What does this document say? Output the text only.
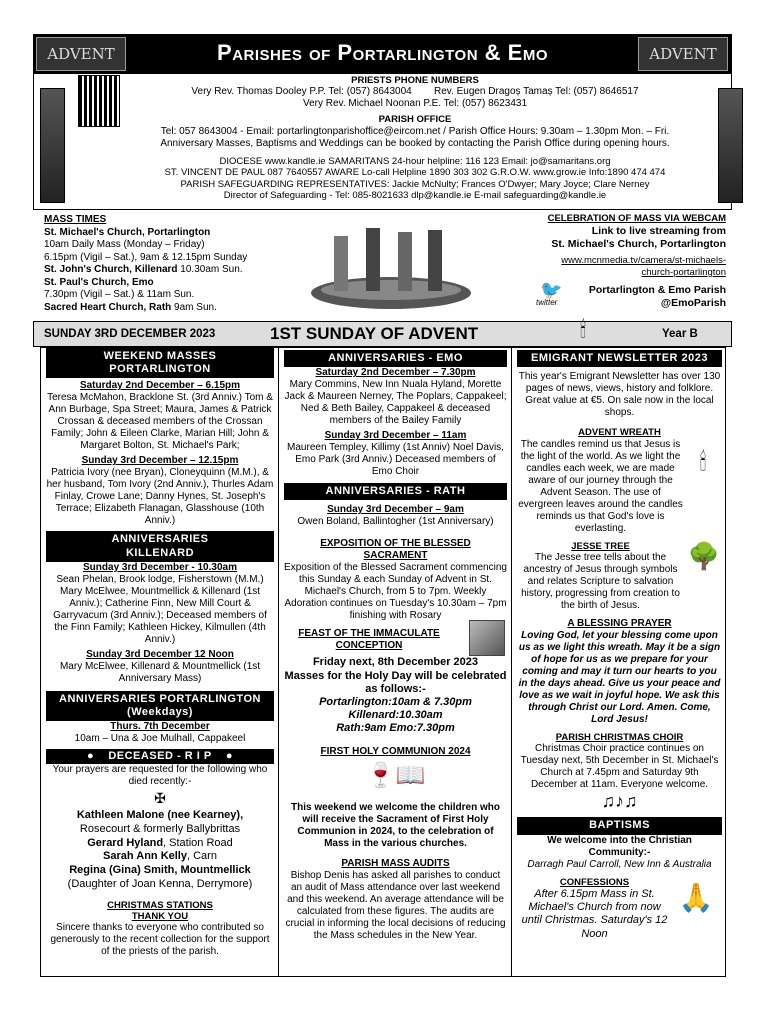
ADVENT	ADVENT
Parishes of Portarlington & Emo
PRIESTS PHONE NUMBERS
Very Rev. Thomas Dooley P.P. Tel: (057) 8643004 Rev. Eugen Dragoș Tamaș Tel: (057) 8646517
Very Rev. Michael Noonan P.E. Tel: (057) 8623431
PARISH OFFICE
Tel: 057 8643004 - Email: portarlingtonparishoffice@eircom.net / Parish Office Hours: 9.30am – 1.30pm Mon. – Fri.
Anniversary Masses, Baptisms and Weddings can be booked by contacting the Parish Office during opening hours.
DIOCESE www.kandle.ie SAMARITANS 24-hour helpline: 116 123 Email: jo@samaritans.org
ST. VINCENT DE PAUL 087 7640557 AWARE Lo-call Helpline 1890 303 302 G.R.O.W. www.grow.ie Info:1890 474 474
PARISH SAFEGUARDING REPRESENTATIVES: Jackie McNulty; Frances O'Dwyer; Mary Joyce; Clare Nerney
Director of Safeguarding - Tel: 085-8021633 dlp@kandle.ie E-mail safeguarding@kandle.ie
MASS TIMES
St. Michael's Church, Portarlington
10am Daily Mass (Monday – Friday)
6.15pm (Vigil – Sat.), 9am & 12.15pm Sunday
St. John's Church, Killenard 10.30am Sun.
St. Paul's Church, Emo
7.30pm (Vigil – Sat.) & 11am Sun.
Sacred Heart Church, Rath 9am Sun.
CELEBRATION OF MASS VIA WEBCAM
Link to live streaming from
St. Michael's Church, Portarlington
www.mcnmedia.tv/camera/st-michaels-
church-portarlington
🐦
twitter
Portarlington & Emo Parish
@EmoParish
SUNDAY 3RD DECEMBER 2023	1ST SUNDAY OF ADVENT	🕯	Year B
WEEKEND MASSES PORTARLINGTON
Saturday 2nd December – 6.15pm
Teresa McMahon, Bracklone St. (3rd Anniv.) Tom & Ann Burbage, Spa Street; Maura, James & Patrick Crossan & deceased members of the Crossan Family; John & Eileen Clarke, Marian Hill; John & Margaret Bolton, St. Michael's Park;
Sunday 3rd December – 12.15pm
Patricia Ivory (nee Bryan), Cloneyquinn (M.M.), & her husband, Tom Ivory (2nd Anniv.), Thurles Adam Finlay, Crowe Lane; Danny Hynes, St. Joseph's Terrace; Elizabeth Flanagan, Glasshouse (10th Anniv.)
ANNIVERSARIES KILLENARD
Sunday 3rd December - 10.30am
Sean Phelan, Brook lodge, Fisherstown (M.M.) Mary McElwee, Mountmellick & Killenard (1st Anniv.); Catherine Finn, New Mill Court & Garryvacum (3rd Anniv.); Deceased members of the Finn Family; Kathleen Hickey, Kilmullen (4th Anniv.)
Sunday 3rd December 12 Noon
Mary McElwee, Killenard & Mountmellick (1st Anniversary Mass)
ANNIVERSARIES PORTARLINGTON (Weekdays)
Thurs. 7th December
10am – Una & Joe Mulhall, Cappakeel
●    DECEASED - R I P    ●
Your prayers are requested for the following who died recently:-
✠
Kathleen Malone (nee Kearney),
Rosecourt & formerly Ballybrittas
Gerard Hyland, Station Road
Sarah Ann Kelly, Carn
Regina (Gina) Smith, Mountmellick
(Daughter of Joan Kenna, Derrymore)
CHRISTMAS STATIONS
THANK YOU
Sincere thanks to everyone who contributed so generously to the recent collection for the support of the priests of the parish.
ANNIVERSARIES - EMO
Saturday 2nd December – 7.30pm
Mary Commins, New Inn Nuala Hyland, Morette Jack & Maureen Nerney, The Poplars, Cappakeel; Ned & Beth Bailey, Cappakeel & deceased members of the Bailey Family
Sunday 3rd December – 11am
Maureen Templey, Killimy (1st Anniv) Noel Davis, Emo Park (3rd Anniv.) Deceased members of Emo Choir
ANNIVERSARIES - RATH
Sunday 3rd December – 9am
Owen Boland, Ballintogher (1st Anniversary)
EXPOSITION OF THE BLESSED SACRAMENT
Exposition of the Blessed Sacrament commencing this Sunday & each Sunday of Advent in St. Michael's Church, from 5 to 7pm. Weekly Adoration continues on Tuesday's 10.30am – 7pm finishing with Rosary
FEAST OF THE IMMACULATE CONCEPTION
Friday next, 8th December 2023
Masses for the Holy Day will be celebrated as follows:-
Portarlington:10am & 7.30pm
Killenard:10.30am
Rath:9am Emo:7.30pm
FIRST HOLY COMMUNION 2024
🍷📖
This weekend we welcome the children who will receive the Sacrament of First Holy Communion in 2024, to the celebration of Mass in the various churches.
PARISH MASS AUDITS
Bishop Denis has asked all parishes to conduct an audit of Mass attendance over last weekend and this weekend. An average attendance will be calculated from these figures. The audits are crucial in informing the local decisions of reducing the Mass schedules in the New Year.
EMIGRANT NEWSLETTER 2023
This year's Emigrant Newsletter has over 130 pages of news, views, history and folklore. Great value at €5. On sale now in the local shops.
ADVENT WREATH
The candles remind us that Jesus is the light of the world. As we light the candles each week, we are made aware of our journey through the Advent Season. The use of evergreen leaves around the candles reminds us that God's love is everlasting.
🕯
JESSE TREE
The Jesse tree tells about the ancestry of Jesus through symbols and relates Scripture to salvation history, progressing from creation to the birth of Jesus.
🌳
A BLESSING PRAYER
Loving God, let your blessing come upon us as we light this wreath. May it be a sign of hope for us as we prepare for your coming and may it turn our hearts to you in the days ahead. Give us your peace and love as we wait in joyful hope. We ask this through Christ our Lord. Amen. Come, Lord Jesus!
PARISH CHRISTMAS CHOIR
Christmas Choir practice continues on Tuesday next, 5th December in St. Michael's Church at 7.45pm and Saturday 9th December at 11am. Everyone welcome.
♫♪♫
BAPTISMS
We welcome into the Christian Community:-
Darragh Paul Carroll, New Inn & Australia
CONFESSIONS
After 6.15pm Mass in St. Michael's Church from now until Christmas. Saturday's 12 Noon
🙏
